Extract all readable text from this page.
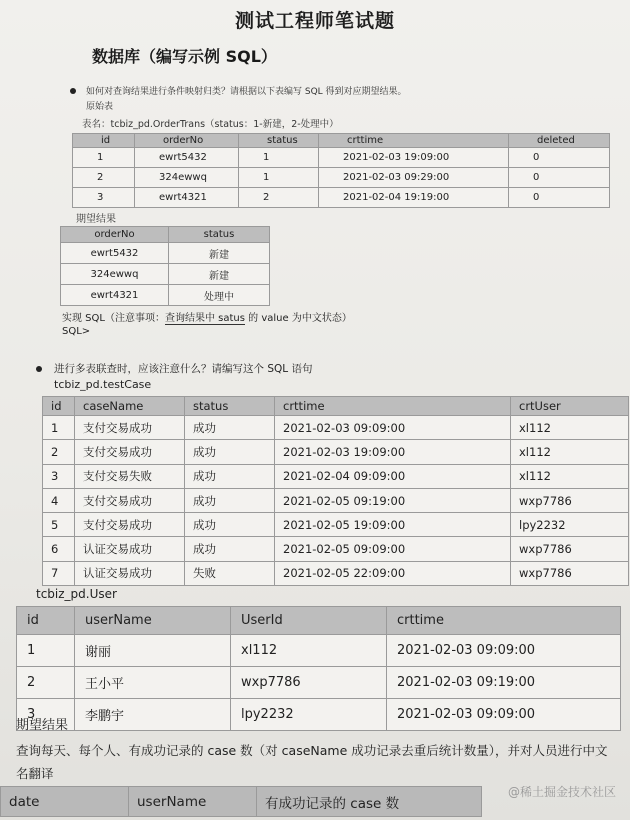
测试工程师笔试题
数据库（编写示例 SQL）
如何对查询结果进行条件映射归类？请根据以下表编写 SQL 得到对应期望结果。
原始表
表名：tcbiz_pd.OrderTrans（status：1-新建，2-处理中）
id	orderNo	status	crttime	deleted
1	ewrt5432	1	2021-02-03 19:09:00	0
2	324ewwq	1	2021-02-03 09:29:00	0
3	ewrt4321	2	2021-02-04 19:19:00	0
期望结果
orderNo	status
ewrt5432	新建
324ewwq	新建
ewrt4321	处理中
实现 SQL（注意事项：查询结果中 satus 的 value 为中文状态）
SQL>
进行多表联查时，应该注意什么？请编写这个 SQL 语句
tcbiz_pd.testCase
id	caseName	status	crttime	crtUser
1	支付交易成功	成功	2021-02-03 09:09:00	xl112
2	支付交易成功	成功	2021-02-03 19:09:00	xl112
3	支付交易失败	成功	2021-02-04 09:09:00	xl112
4	支付交易成功	成功	2021-02-05 09:19:00	wxp7786
5	支付交易成功	成功	2021-02-05 19:09:00	lpy2232
6	认证交易成功	成功	2021-02-05 09:09:00	wxp7786
7	认证交易成功	失败	2021-02-05 22:09:00	wxp7786
tcbiz_pd.User
id	userName	UserId	crttime
1	谢丽	xl112	2021-02-03 09:09:00
2	王小平	wxp7786	2021-02-03 09:19:00
3	李鹏宇	lpy2232	2021-02-03 09:09:00
期望结果
查询每天、每个人、有成功记录的 case 数（对 caseName 成功记录去重后统计数量），并对人员进行中文
名翻译
date	userName	有成功记录的 case 数
@稀土掘金技术社区
